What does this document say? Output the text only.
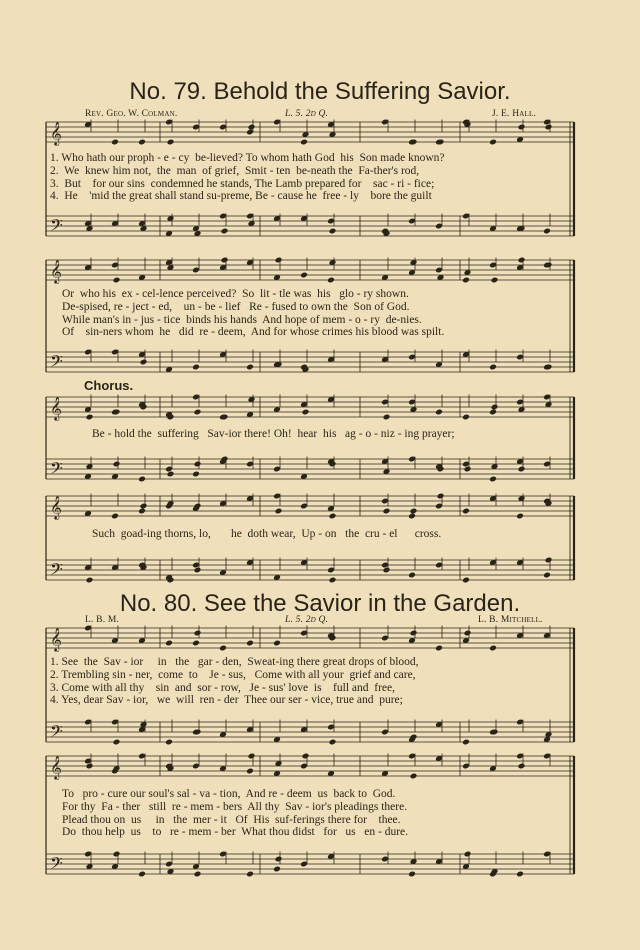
No. 79. Behold the Suffering Savior.
Rev. Geo. W. Colman.	L. 5. 2d Q.	J. E. Hall.
𝄞
𝄢
1. Who hath our proph - e - cy  be-lieved? To whom hath God  his  Son made known?
2.  We  knew him not,  the  man  of grief,  Smit - ten  be-neath the  Fa-ther's rod,
3.  But    for our sins  condemned he stands, The Lamb prepared for    sac - ri - fice;
4.  He    'mid the great shall stand su-preme, Be - cause he  free - ly    bore the guilt
𝄞
𝄢
Or  who his  ex - cel-lence perceived?  So  lit - tle was  his   glo - ry shown.
De-spised, re - ject - ed,    un - be - lief   Re - fused to own the  Son of God.
While man's in - jus - tice  binds his hands  And hope of mem - o - ry  de-nies.
Of    sin-ners whom  he   did  re - deem,  And for whose crimes his blood was spilt.
Chorus.
𝄞
𝄢
Be - hold the  suffering   Sav-ior there! Oh!  hear  his   ag - o - niz - ing prayer;
𝄞
𝄢
Such  goad-ing thorns, lo,       he  doth wear,  Up - on   the  cru - el      cross.
No. 80. See the Savior in the Garden.
L. B. M.	L. 5. 2d Q.	L. B. Mitchell.
𝄞
𝄢
1. See  the  Sav - ior     in   the   gar - den,  Sweat-ing there great drops of blood,
2. Trembling sin - ner,  come  to    Je - sus,   Come with all your  grief and care,
3. Come with all thy    sin  and  sor - row,   Je - sus' love  is    full and  free,
4. Yes, dear Sav - ior,   we  will  ren - der  Thee our ser - vice, true and  pure;
𝄞
𝄢
To   pro - cure our soul's sal - va - tion,  And re - deem  us  back to  God.
For thy  Fa - ther   still  re - mem - bers  All thy  Sav - ior's pleadings there.
Plead thou on  us     in   the  mer - it   Of  His  suf-ferings there for    thee.
Do  thou help  us    to   re - mem - ber  What thou didst   for   us   en - dure.
